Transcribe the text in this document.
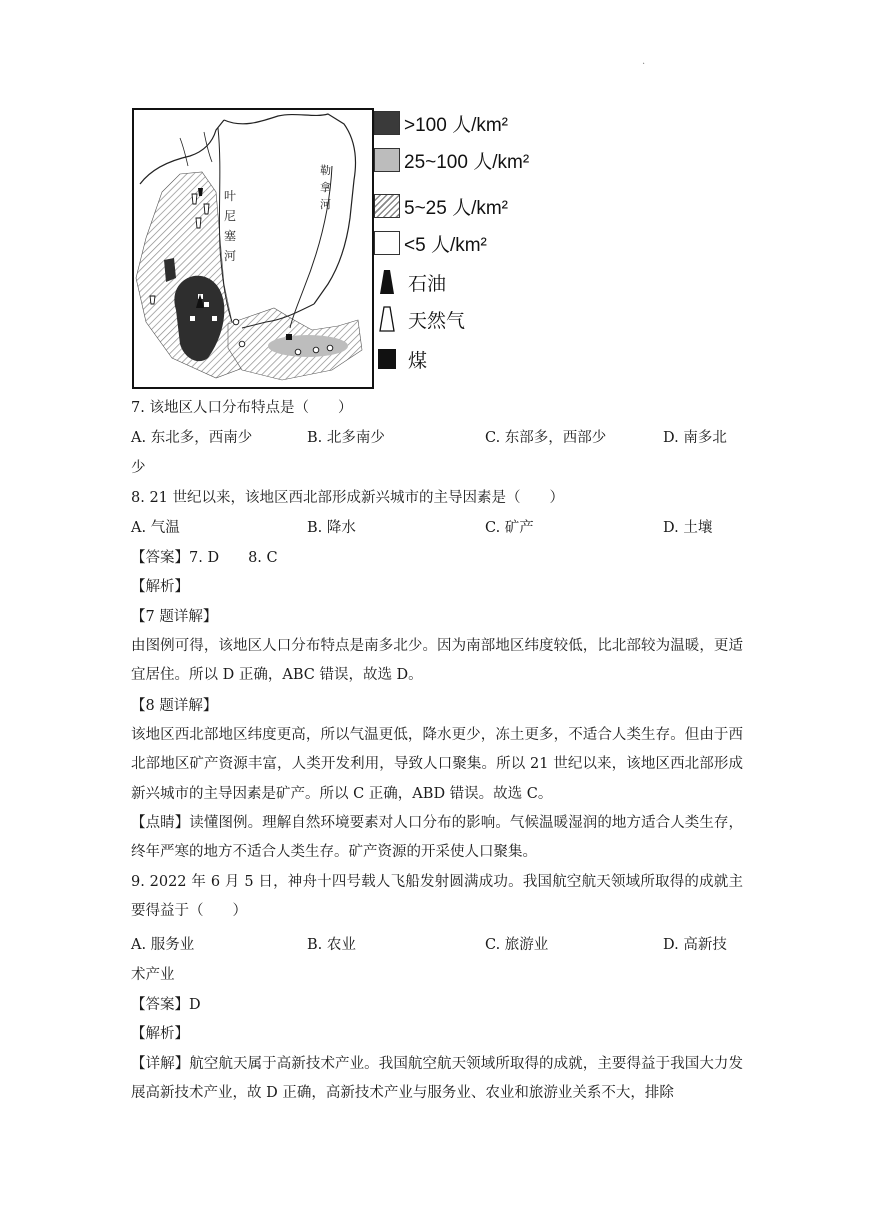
.
叶尼塞河
勒拿河
>100 人/km²
25~100 人/km²
5~25 人/km²
<5 人/km²
石油
天然气
煤
7. 该地区人口分布特点是（　　）
A. 东北多，西南少	B. 北多南少	C. 东部多，西部少	D. 南多北
少
8. 21 世纪以来，该地区西北部形成新兴城市的主导因素是（　　）
A. 气温	B. 降水	C. 矿产	D. 土壤
【答案】7. D　　8. C
【解析】
【7 题详解】
由图例可得，该地区人口分布特点是南多北少。因为南部地区纬度较低，比北部较为温暖，更适宜居住。所以 D 正确，ABC 错误，故选 D。
【8 题详解】
该地区西北部地区纬度更高，所以气温更低，降水更少，冻土更多，不适合人类生存。但由于西北部地区矿产资源丰富，人类开发利用，导致人口聚集。所以 21 世纪以来，该地区西北部形成新兴城市的主导因素是矿产。所以 C 正确，ABD 错误。故选 C。
【点睛】读懂图例。理解自然环境要素对人口分布的影响。气候温暖湿润的地方适合人类生存，终年严寒的地方不适合人类生存。矿产资源的开采使人口聚集。
9. 2022 年 6 月 5 日，神舟十四号载人飞船发射圆满成功。我国航空航天领域所取得的成就主要得益于（　　）
A. 服务业	B. 农业	C. 旅游业	D. 高新技
术产业
【答案】D
【解析】
【详解】航空航天属于高新技术产业。我国航空航天领域所取得的成就，主要得益于我国大力发展高新技术产业，故 D 正确，高新技术产业与服务业、农业和旅游业关系不大，排除
